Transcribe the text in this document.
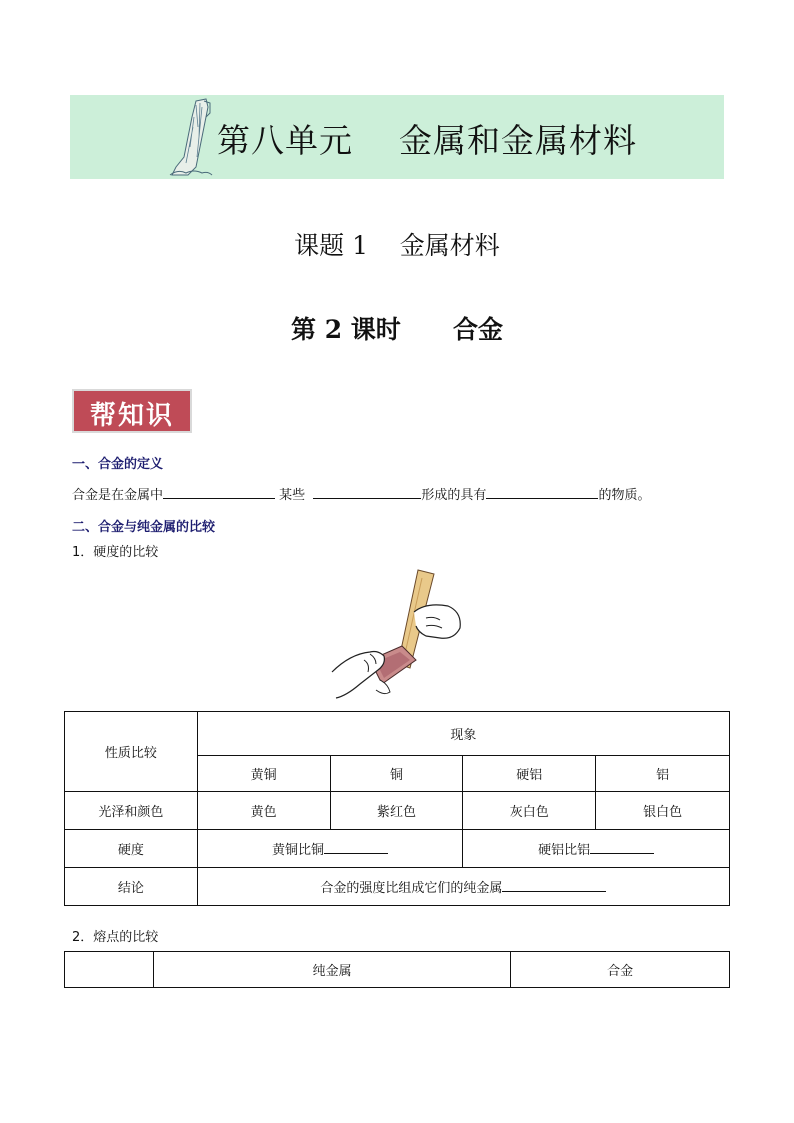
第八单元    金属和金属材料
课题 1    金属材料
第 2 课时      合金
帮知识
一、合金的定义
合金是在金属中	某些	形成的具有	的物质。
二、合金与纯金属的比较
1．硬度的比较
性质比较	现象			
	黄铜	铜	硬铝	铝
光泽和颜色	黄色	紫红色	灰白色	银白色
硬度	黄铜比铜		硬铝比铝	
结论	合金的强度比组成它们的纯金属			
2．熔点的比较
	纯金属	合金
